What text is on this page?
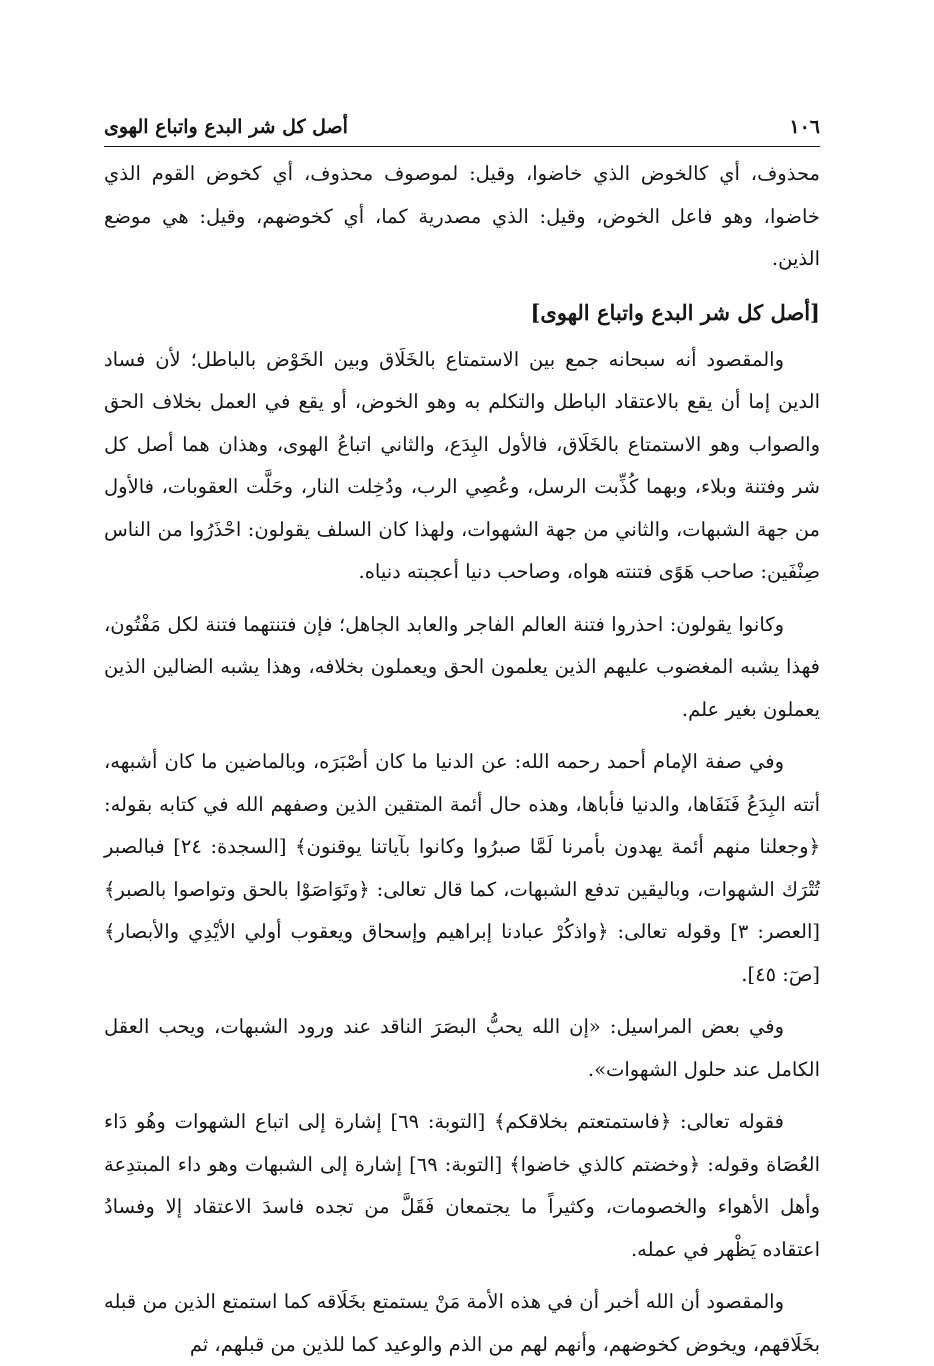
١٠٦
أصل كل شر البدع واتباع الهوى

محذوف، أي كالخوض الذي خاضوا، وقيل: لموصوف محذوف، أي كخوض القوم الذي خاضوا، وهو فاعل الخوض، وقيل: الذي مصدرية كما، أي كخوضهم، وقيل: هي موضع الذين.

[أصل كل شر البدع واتباع الهوى]

والمقصود أنه سبحانه جمع بين الاستمتاع بالخَلَاق وبين الخَوْض بالباطل؛ لأن فساد الدين إما أن يقع بالاعتقاد الباطل والتكلم به وهو الخوض، أو يقع في العمل بخلاف الحق والصواب وهو الاستمتاع بالخَلَاق، فالأول البِدَع، والثاني اتباعُ الهوى، وهذان هما أصل كل شر وفتنة وبلاء، وبهما كُذِّبت الرسل، وعُصِي الرب، ودُخِلت النار، وحَلَّت العقوبات، فالأول من جهة الشبهات، والثاني من جهة الشهوات، ولهذا كان السلف يقولون: احْذَرُوا من الناس صِنْفَين: صاحب هَوًى فتنته هواه، وصاحب دنيا أعجبته دنياه.

وكانوا يقولون: احذروا فتنة العالم الفاجر والعابد الجاهل؛ فإن فتنتهما فتنة لكل مَفْتُون، فهذا يشبه المغضوب عليهم الذين يعلمون الحق ويعملون بخلافه، وهذا يشبه الضالين الذين يعملون بغير علم.

وفي صفة الإمام أحمد رحمه الله: عن الدنيا ما كان أصْبَرَه، وبالماضين ما كان أشبهه، أتته البِدَعُ فَنَفَاها، والدنيا فأباها، وهذه حال أئمة المتقين الذين وصفهم الله في كتابه بقوله: ﴿وجعلنا منهم أئمة يهدون بأمرنا لَمَّا صبرُوا وكانوا بآياتنا يوقنون﴾ [السجدة: ٢٤] فبالصبر تُتْرَك الشهوات، وباليقين تدفع الشبهات، كما قال تعالى: ﴿وتَوَاصَوْا بالحق وتواصوا بالصبر﴾ [العصر: ٣] وقوله تعالى: ﴿واذكُرْ عبادنا إبراهيم وإسحاق ويعقوب أولي الأيْدِي والأبصار﴾ [صٓ: ٤٥].

وفي بعض المراسيل: «إن الله يحبُّ البصَرَ الناقد عند ورود الشبهات، ويحب العقل الكامل عند حلول الشهوات».

فقوله تعالى: ﴿فاستمتعتم بخلاقكم﴾ [التوبة: ٦٩] إشارة إلى اتباع الشهوات وهُو دَاء العُصَاة وقوله: ﴿وخضتم كالذي خاضوا﴾ [التوبة: ٦٩] إشارة إلى الشبهات وهو داء المبتدِعة وأهل الأهواء والخصومات، وكثيراً ما يجتمعان فَقَلَّ من تجده فاسدَ الاعتقاد إلا وفسادُ اعتقاده يَظْهر في عمله.

والمقصود أن الله أخبر أن في هذه الأمة مَنْ يستمتع بخَلَاقه كما استمتع الذين من قبله بخَلَاقهم، ويخوض كخوضهم، وأنهم لهم من الذم والوعيد كما للذين من قبلهم، ثم
